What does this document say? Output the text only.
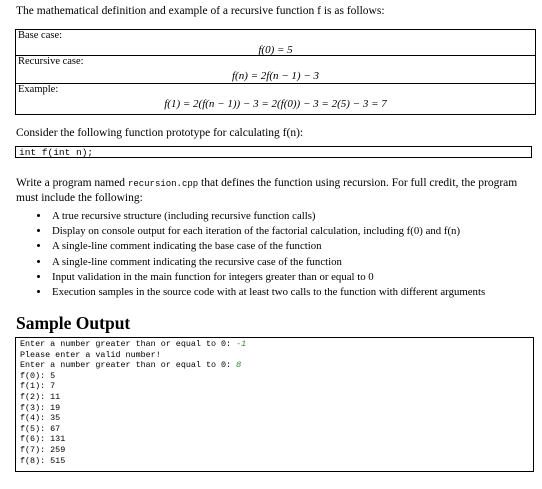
The mathematical definition and example of a recursive function f is as follows:
Base case:
f(0) = 5
Recursive case:
f(n) = 2f(n − 1) − 3
Example:
f(1) = 2(f(n − 1)) − 3 = 2(f(0)) − 3 = 2(5) − 3 = 7
Consider the following function prototype for calculating f(n):
int f(int n);
Write a program named recursion.cpp that defines the function using recursion. For full credit, the program must include the following:
• A true recursive structure (including recursive function calls)
• Display on console output for each iteration of the factorial calculation, including f(0) and f(n)
• A single-line comment indicating the base case of the function
• A single-line comment indicating the recursive case of the function
• Input validation in the main function for integers greater than or equal to 0
• Execution samples in the source code with at least two calls to the function with different arguments
Sample Output
Enter a number greater than or equal to 0: -1
Please enter a valid number!
Enter a number greater than or equal to 0: 8
f(0): 5
f(1): 7
f(2): 11
f(3): 19
f(4): 35
f(5): 67
f(6): 131
f(7): 259
f(8): 515
